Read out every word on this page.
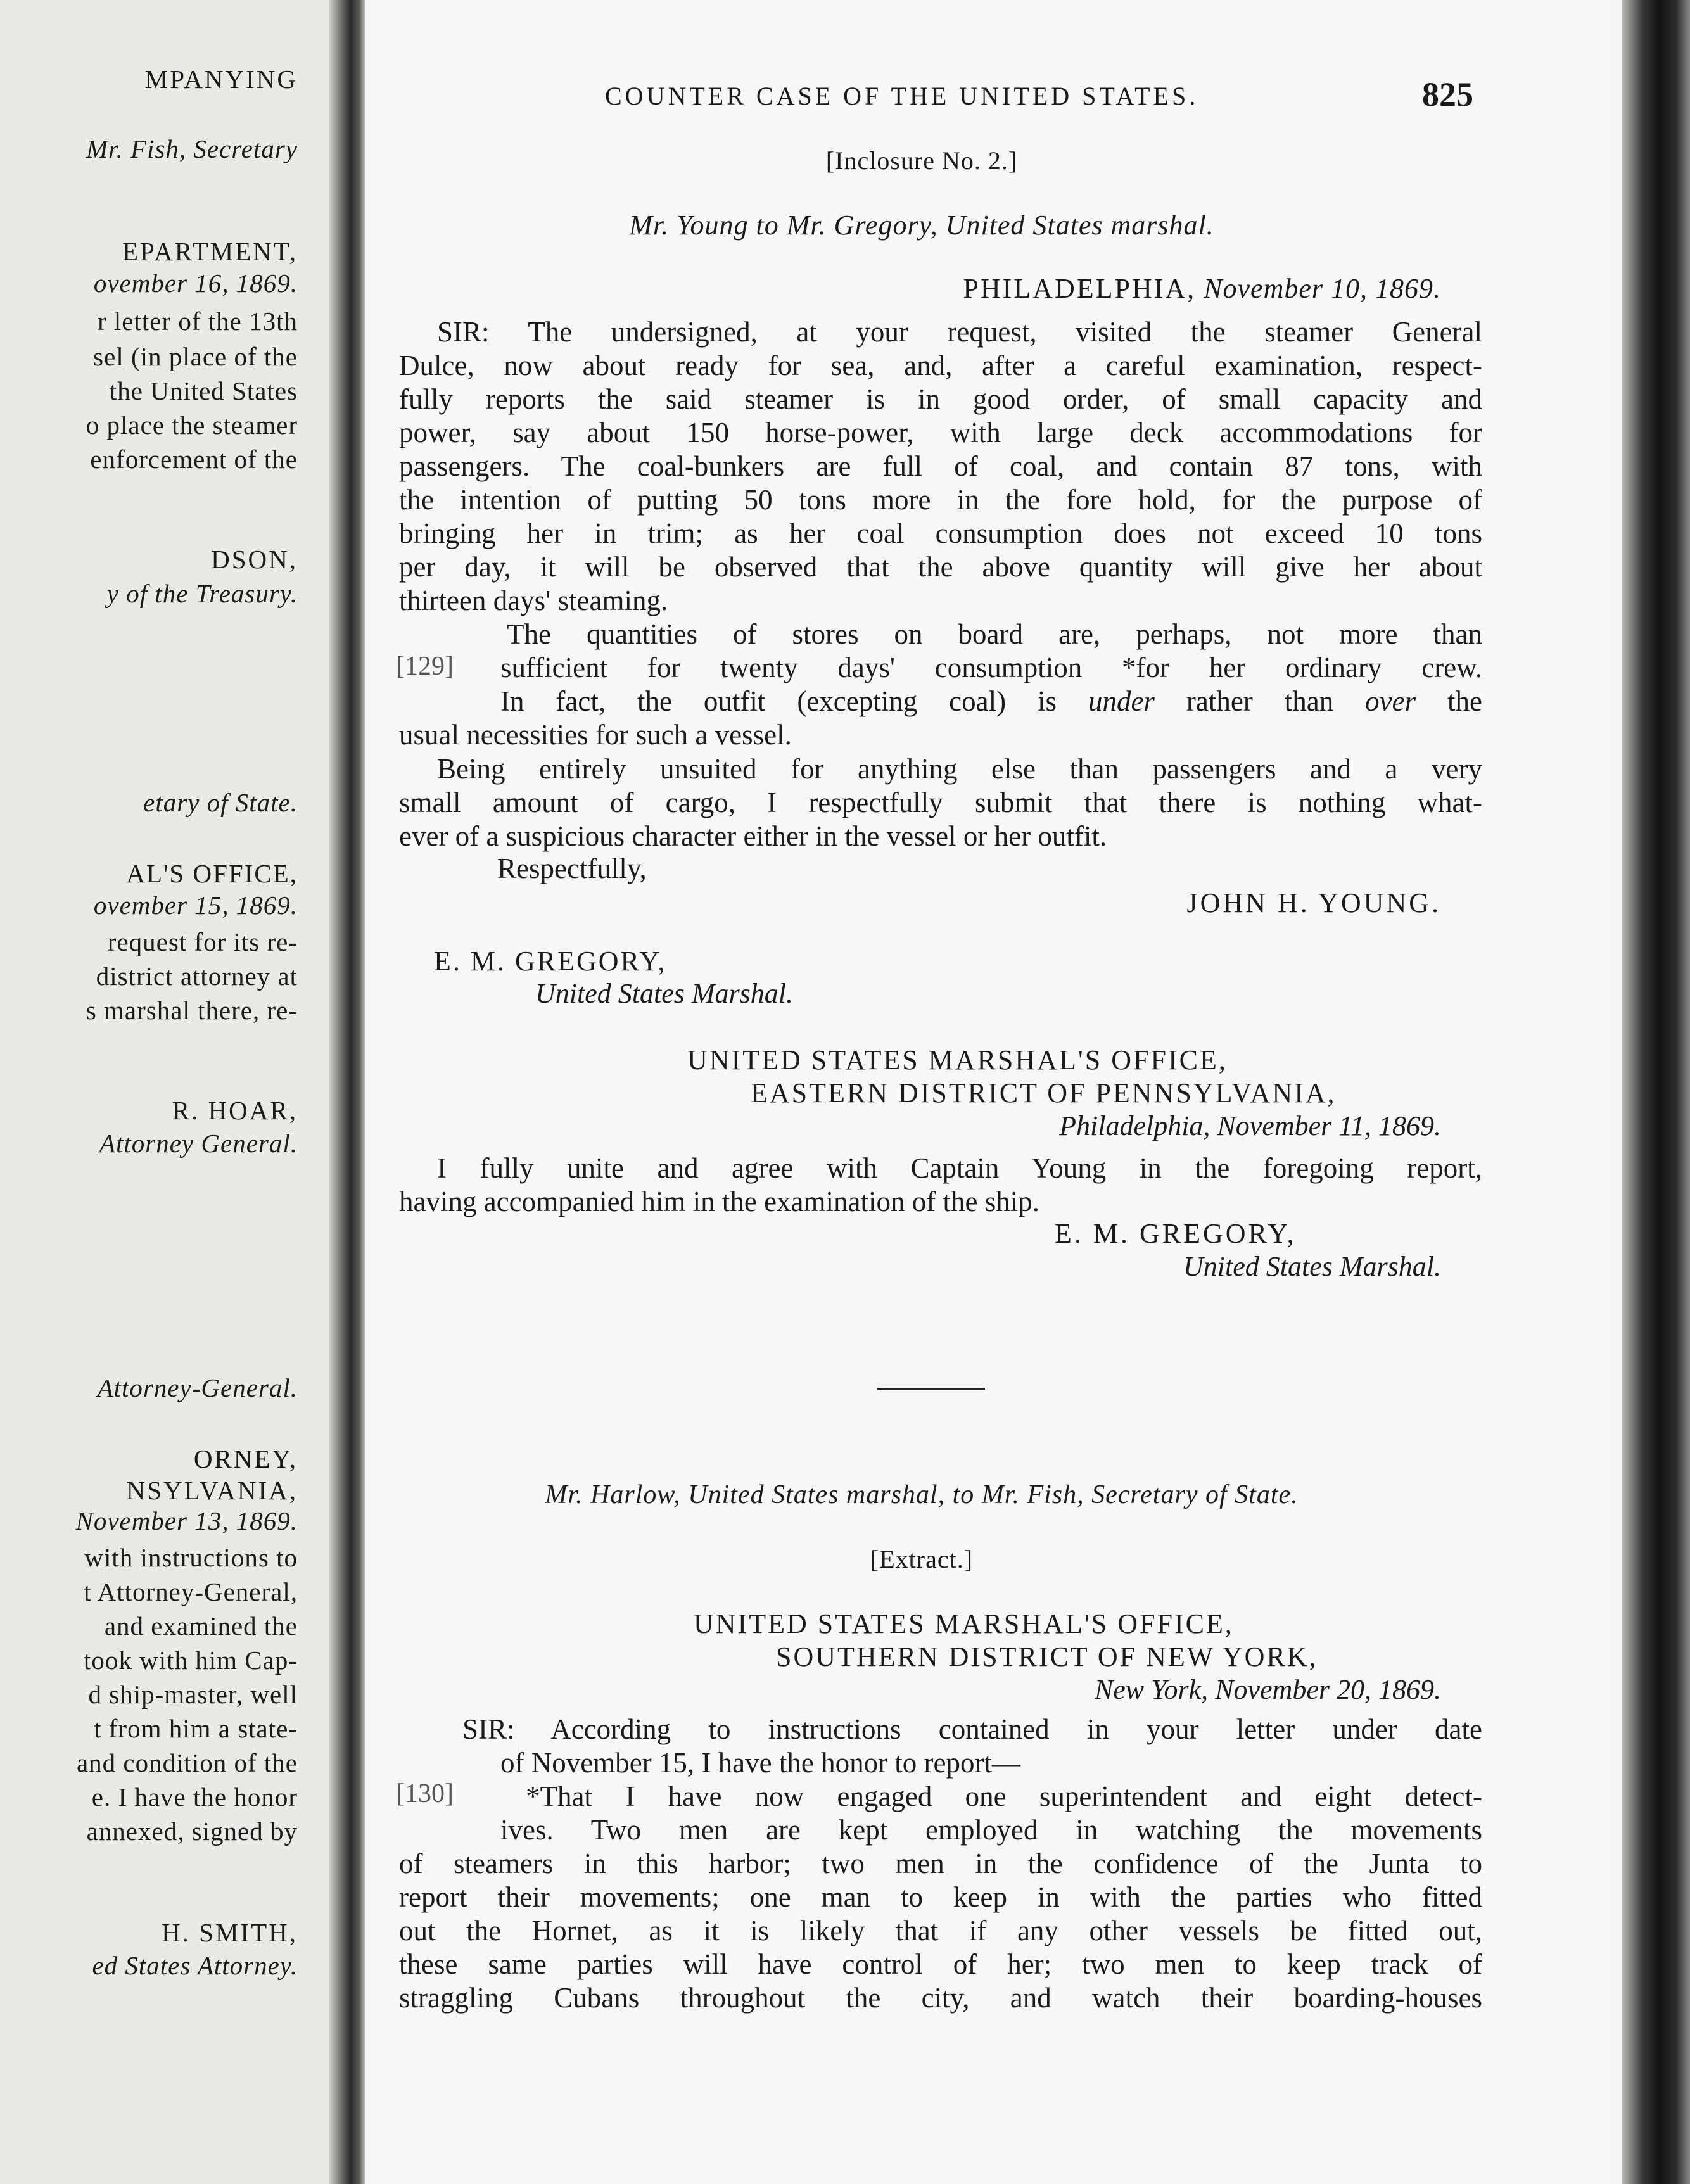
MPANYING

Mr. Fish, Secretary

EPARTMENT,

ovember 16, 1869.

r letter of the 13th

sel (in place of the

the United States

o place the steamer

enforcement of the

DSON,

y of the Treasury.

etary of State.

AL'S OFFICE,

ovember 15, 1869.

request for its re-

district attorney at

s marshal there, re-

R. HOAR,

Attorney General.

Attorney-General.

ORNEY,

NSYLVANIA,

November 13, 1869.

with instructions to

t Attorney-General,

and examined the

took with him Cap-

d ship-master, well

t from him a state-

and condition of the

e. I have the honor

annexed, signed by

H. SMITH,

ed States Attorney.

COUNTER CASE OF THE UNITED STATES.	825

[Inclosure No. 2.]

Mr. Young to Mr. Gregory, United States marshal.

PHILADELPHIA, November 10, 1869.

SIR: The undersigned, at your request, visited the steamer General
Dulce, now about ready for sea, and, after a careful examination, respect-
fully reports the said steamer is in good order, of small capacity and
power, say about 150 horse-power, with large deck accommodations for
passengers. The coal-bunkers are full of coal, and contain 87 tons, with
the intention of putting 50 tons more in the fore hold, for the purpose of
bringing her in trim; as her coal consumption does not exceed 10 tons
per day, it will be observed that the above quantity will give her about
thirteen days' steaming.
The quantities of stores on board are, perhaps, not more than
sufficient for twenty days' consumption *for her ordinary crew.
In fact, the outfit (excepting coal) is under rather than over the
usual necessities for such a vessel.

[129]

Being entirely unsuited for anything else than passengers and a very
small amount of cargo, I respectfully submit that there is nothing what-
ever of a suspicious character either in the vessel or her outfit.

Respectfully,

JOHN H. YOUNG.

E. M. GREGORY,

United States Marshal.

UNITED STATES MARSHAL'S OFFICE,

EASTERN DISTRICT OF PENNSYLVANIA,

Philadelphia, November 11, 1869.

I fully unite and agree with Captain Young in the foregoing report,
having accompanied him in the examination of the ship.

E. M. GREGORY,

United States Marshal.

Mr. Harlow, United States marshal, to Mr. Fish, Secretary of State.

[Extract.]

UNITED STATES MARSHAL'S OFFICE,

SOUTHERN DISTRICT OF NEW YORK,

New York, November 20, 1869.

SIR: According to instructions contained in your letter under date
of November 15, I have the honor to report—

[130]	*That I have now engaged one superintendent and eight detect-
ives. Two men are kept employed in watching the movements
of steamers in this harbor; two men in the confidence of the Junta to
report their movements; one man to keep in with the parties who fitted
out the Hornet, as it is likely that if any other vessels be fitted out,
these same parties will have control of her; two men to keep track of
straggling Cubans throughout the city, and watch their boarding-houses
